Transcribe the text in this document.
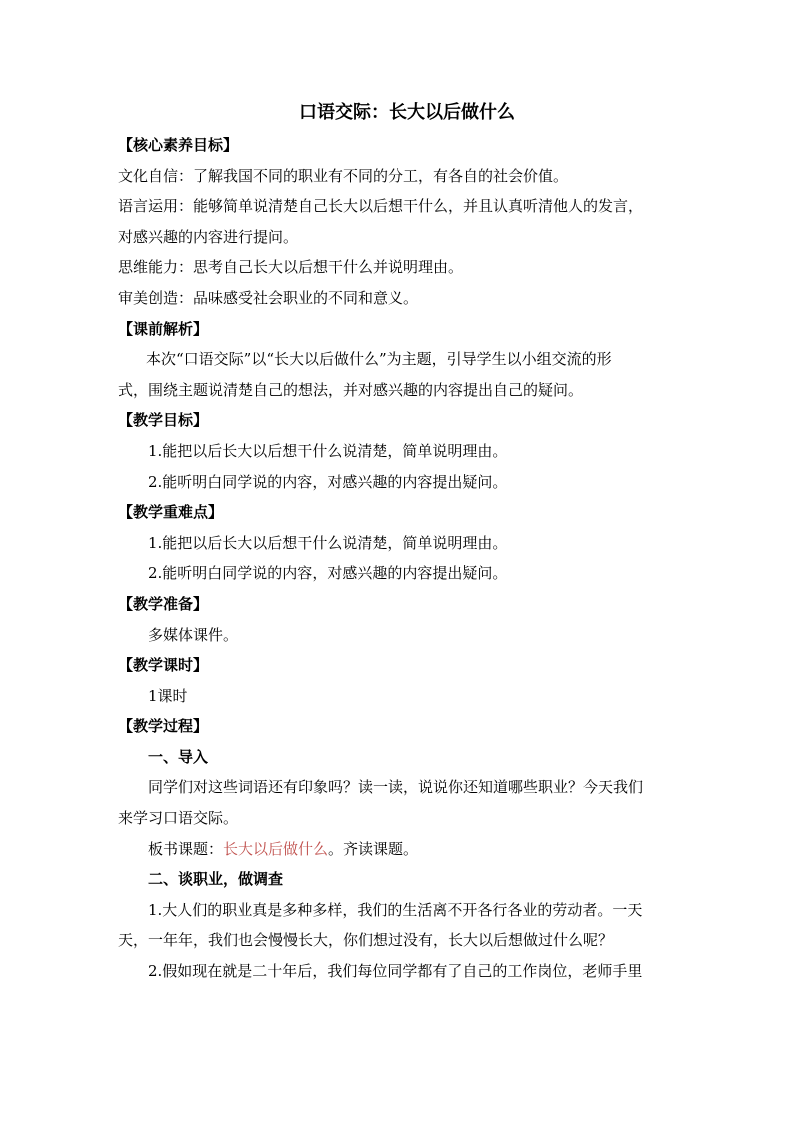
口语交际：长大以后做什么
【核心素养目标】
文化自信：了解我国不同的职业有不同的分工，有各自的社会价值。
语言运用：能够简单说清楚自己长大以后想干什么，并且认真听清他人的发言，
对感兴趣的内容进行提问。
思维能力：思考自己长大以后想干什么并说明理由。
审美创造：品味感受社会职业的不同和意义。
【课前解析】
本次“口语交际”以“长大以后做什么”为主题，引导学生以小组交流的形
式，围绕主题说清楚自己的想法，并对感兴趣的内容提出自己的疑问。
【教学目标】
1.能把以后长大以后想干什么说清楚，简单说明理由。
2.能听明白同学说的内容，对感兴趣的内容提出疑问。
【教学重难点】
1.能把以后长大以后想干什么说清楚，简单说明理由。
2.能听明白同学说的内容，对感兴趣的内容提出疑问。
【教学准备】
多媒体课件。
【教学课时】
1课时
【教学过程】
一、导入
同学们对这些词语还有印象吗？读一读，说说你还知道哪些职业？今天我们
来学习口语交际。
板书课题：长大以后做什么。齐读课题。
二、谈职业，做调查
1.大人们的职业真是多种多样，我们的生活离不开各行各业的劳动者。一天
天，一年年，我们也会慢慢长大，你们想过没有，长大以后想做过什么呢？
2.假如现在就是二十年后，我们每位同学都有了自己的工作岗位，老师手里
